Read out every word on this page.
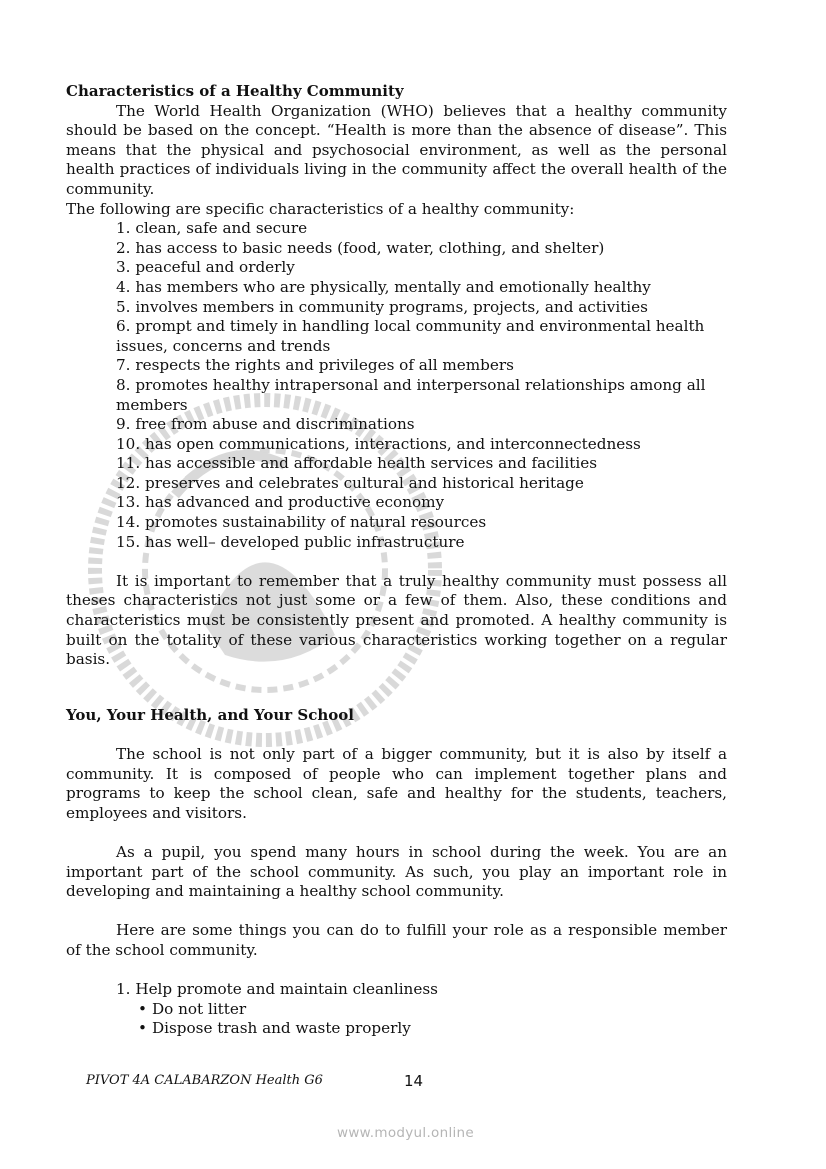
Characteristics of a Healthy Community

The World Health Organization (WHO) believes that a healthy community should be based on the concept. “Health is more than the absence of disease”. This means that the physical and psychosocial environment, as well as the personal health practices of individuals living in the community affect the overall health of the community.

The following are specific characteristics of a healthy community:

1. clean, safe and secure
2. has access to basic needs (food, water, clothing, and shelter)
3. peaceful and orderly
4. has members who are physically, mentally and emotionally healthy
5. involves members in community programs, projects, and activities
6. prompt and timely in handling local community and environmental health issues, concerns and trends
7. respects the rights and privileges of all members
8. promotes healthy intrapersonal and interpersonal relationships among all members
9. free from abuse and discriminations
10. has open communications, interactions, and interconnectedness
11. has accessible and affordable health services and facilities
12. preserves and celebrates cultural and historical heritage
13. has advanced and productive economy
14. promotes sustainability of natural resources
15. has well– developed public infrastructure

It is important to remember that a truly healthy community must possess all theses characteristics not just some or a few of them. Also, these conditions and characteristics must be consistently present and promoted. A healthy community is built on the totality of these various characteristics working together on a regular basis.

You, Your Health, and Your School

The school is not only part of a bigger community, but it is also by itself a community. It is composed of people who can implement together plans and programs to keep the school clean, safe and healthy for the students, teachers, employees and visitors.

As a pupil, you spend many hours in school during the week. You are an important part of the school community. As such, you play an important role in developing and maintaining a healthy school community.

Here are some things you can do to fulfill your role as a responsible member of the school community.

1. Help promote and maintain cleanliness
• Do not litter
• Dispose trash and waste properly
PIVOT 4A CALABARZON Health G6	14
www.modyul.online
